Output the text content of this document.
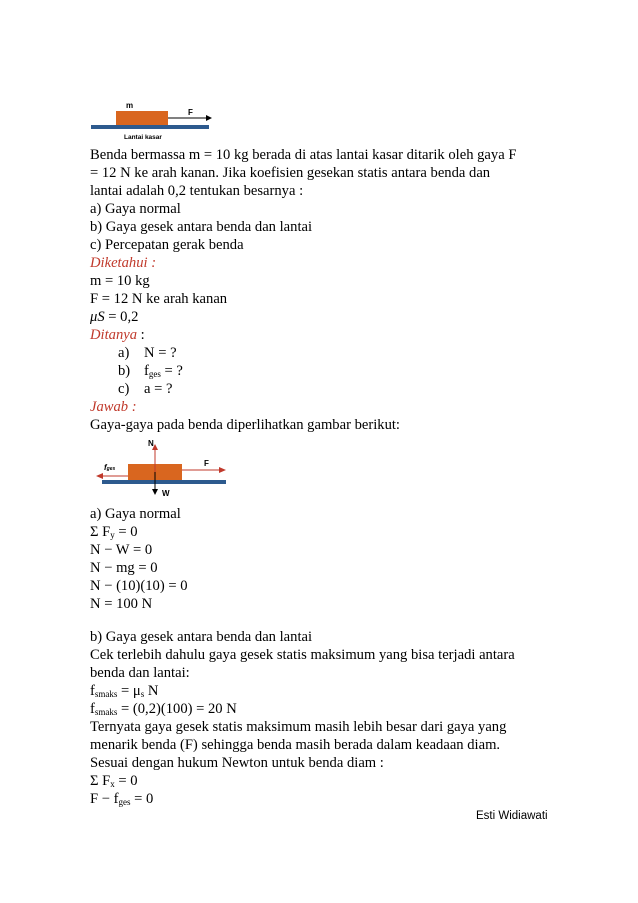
m
F
Lantai kasar
Benda bermassa m = 10 kg berada di atas lantai kasar ditarik oleh gaya F
= 12 N ke arah kanan. Jika koefisien gesekan statis antara benda dan
lantai adalah 0,2 tentukan besarnya :
a) Gaya normal
b) Gaya gesek antara benda dan lantai
c) Percepatan gerak benda
Diketahui :
m = 10 kg
F = 12 N ke arah kanan
μS = 0,2
Ditanya :
a) N = ?
b) $f_{ges}$ = ?
c) a = ?
Jawab :
Gaya-gaya pada benda diperlihatkan gambar berikut:
N
W
F
fges
a) Gaya normal
Σ $F_y = 0$
N − W = 0
N − mg = 0
N − (10)(10) = 0
N = 100 N
b) Gaya gesek antara benda dan lantai
Cek terlebih dahulu gaya gesek statis maksimum yang bisa terjadi antara
benda dan lantai:
$f_{smaks} = \mu_s$ N
$f_{smaks} = (0,2)(100) = 20$ N
Ternyata gaya gesek statis maksimum masih lebih besar dari gaya yang
menarik benda (F) sehingga benda masih berada dalam keadaan diam.
Sesuai dengan hukum Newton untuk benda diam :
Σ $F_x = 0$
$F - f_{ges} = 0$
Esti Widiawati
